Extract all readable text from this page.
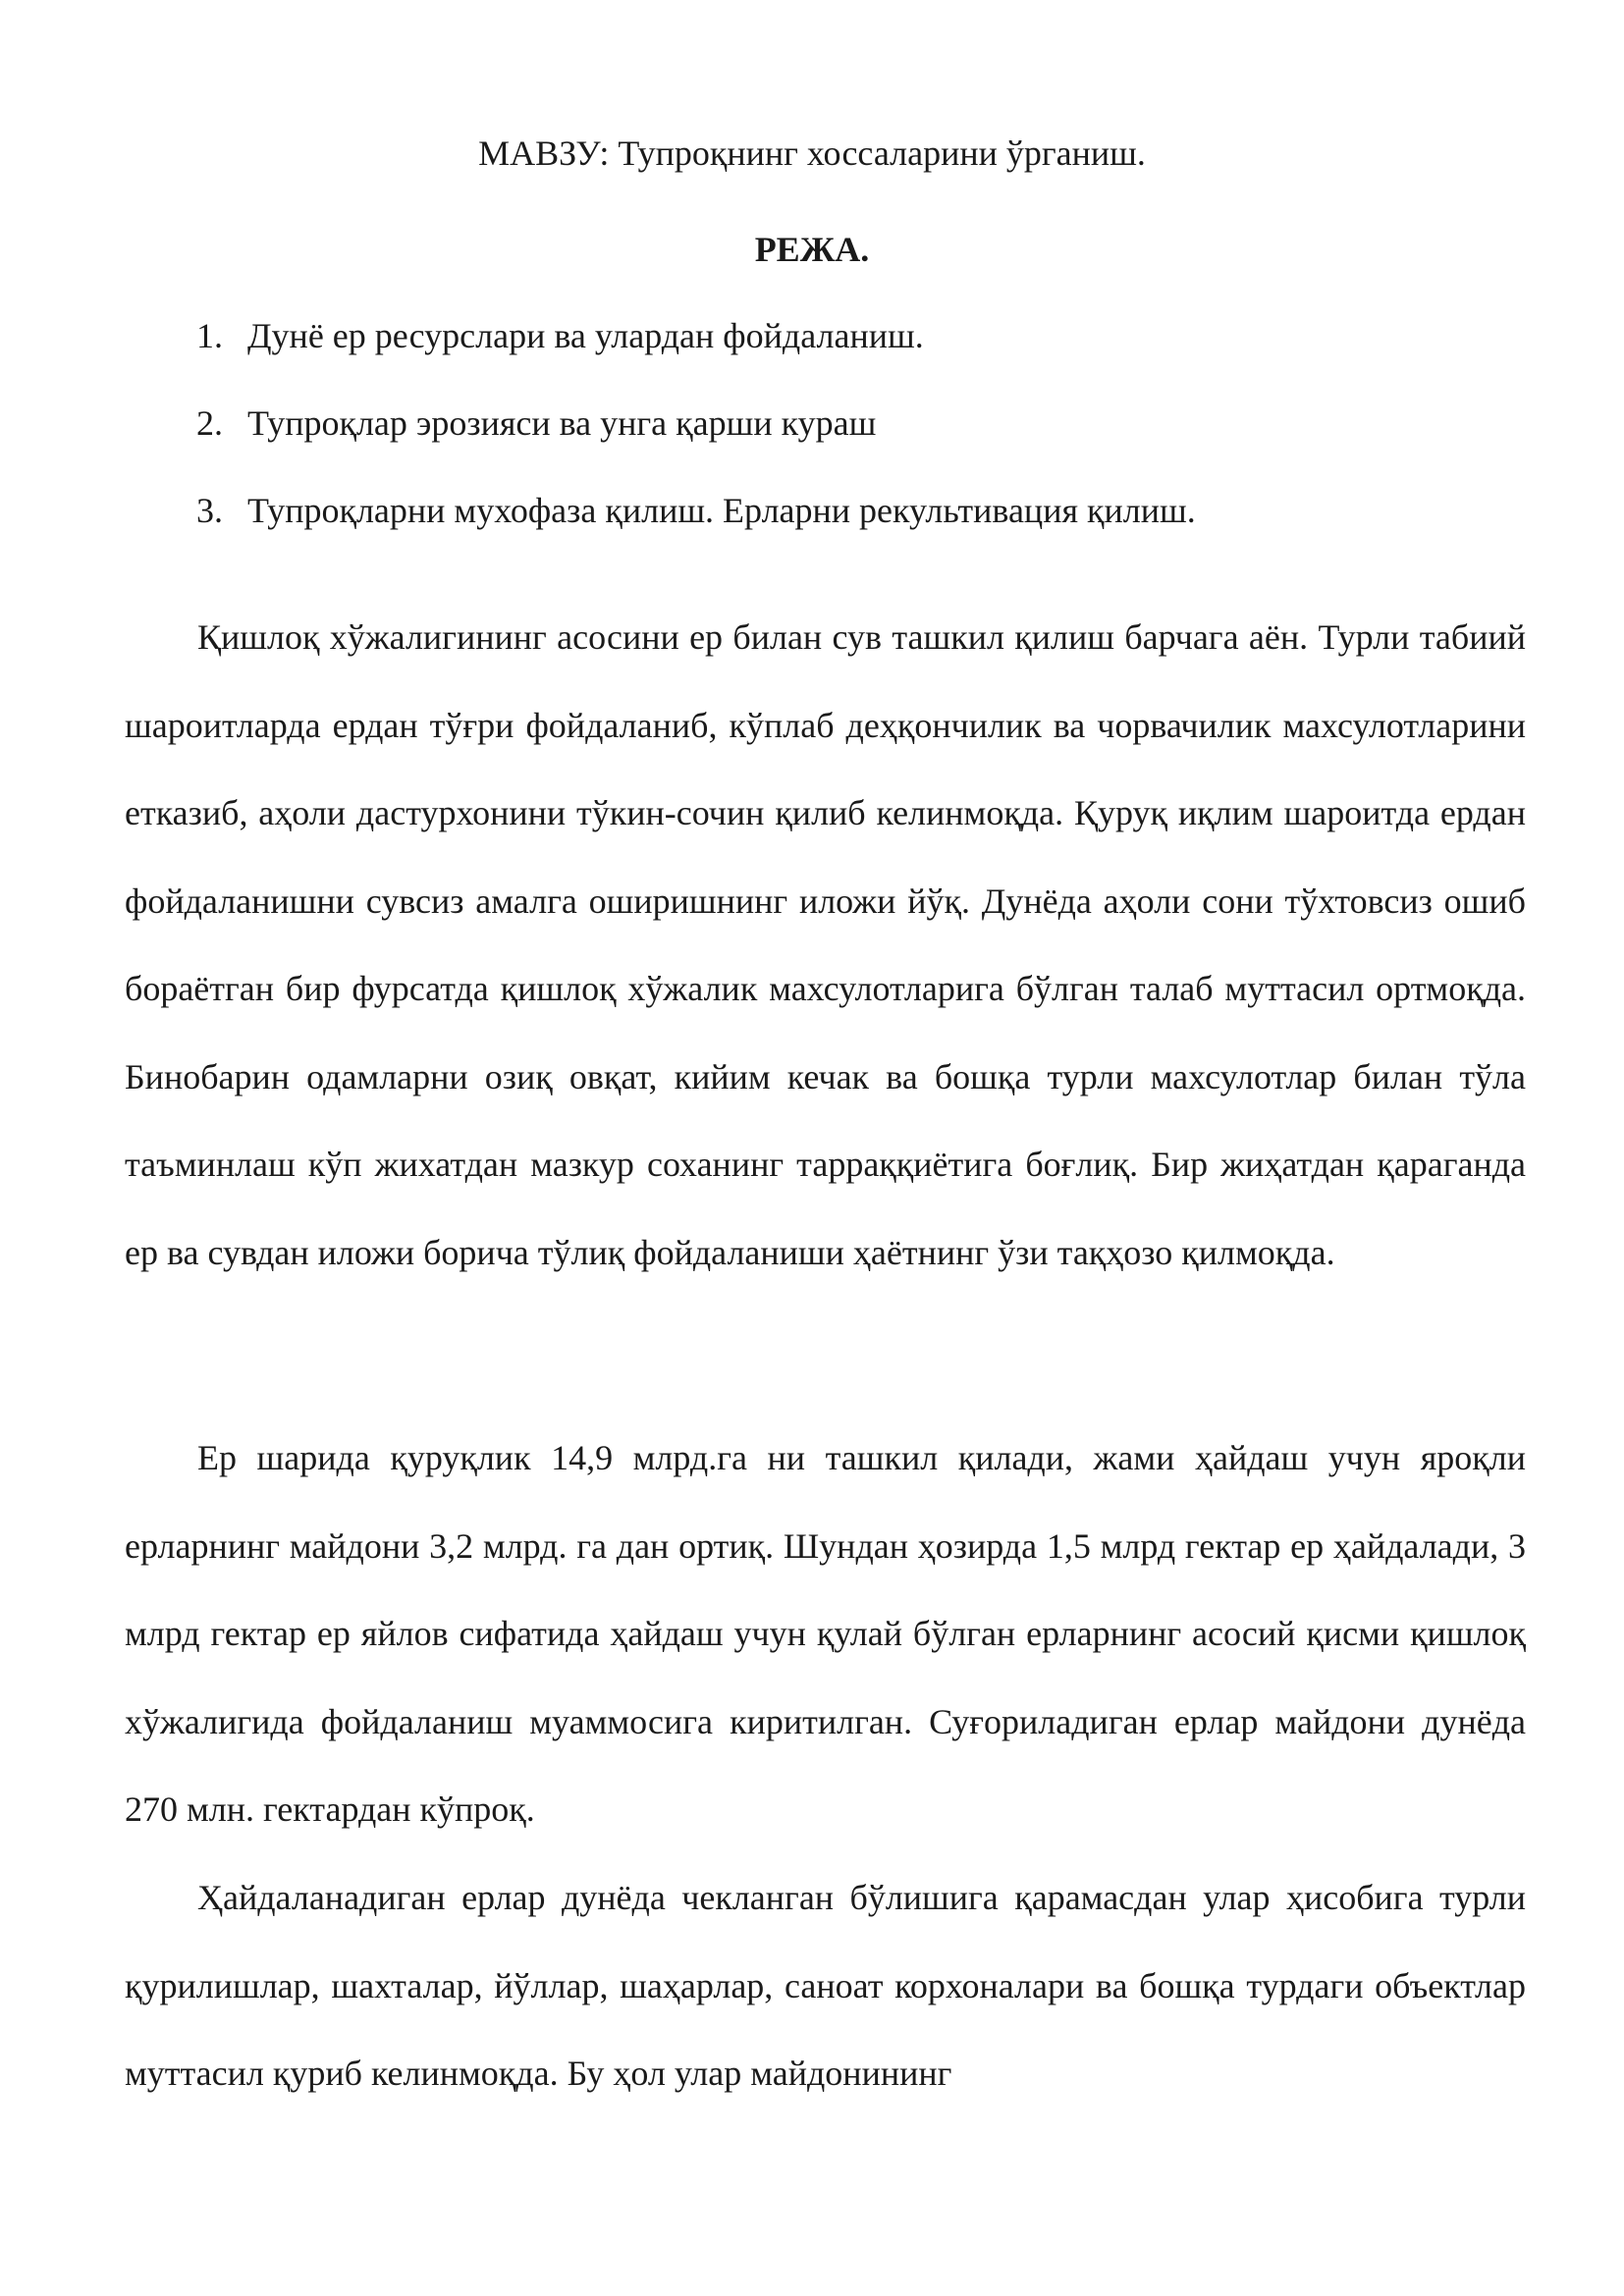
МАВЗУ: Тупроқнинг хоссаларини ўрганиш.
РЕЖА.
1. Дунё ер ресурслари ва улардан фойдаланиш.
2. Тупроқлар эрозияси ва унга қарши кураш
3. Тупроқларни мухофаза қилиш. Ерларни рекультивация қилиш.

Қишлоқ хўжалигининг асосини ер билан сув ташкил қилиш барчага аён. Турли табиий шароитларда ердан тўғри фойдаланиб, кўплаб деҳқончилик ва чорвачилик махсулотларини етказиб, аҳоли дастурхонини тўкин-сочин қилиб келинмоқда. Қуруқ иқлим шароитда ердан фойдаланишни сувсиз амалга оширишнинг иложи йўқ. Дунёда аҳоли сони тўхтовсиз ошиб бораётган бир фурсатда қишлоқ хўжалик махсулотларига бўлган талаб муттасил ортмоқда. Бинобарин одамларни озиқ овқат, кийим кечак ва бошқа турли махсулотлар билан тўла таъминлаш кўп жихатдан мазкур соханинг тарраққиётига боғлиқ. Бир жиҳатдан қараганда ер ва сувдан иложи борича тўлиқ фойдаланиши ҳаётнинг ўзи тақҳозо қилмоқда.

Ер шарида қуруқлик 14,9 млрд.га ни ташкил қилади, жами ҳайдаш учун яроқли ерларнинг майдони 3,2 млрд. га дан ортиқ. Шундан ҳозирда 1,5 млрд гектар ер ҳайдалади, 3 млрд гектар ер яйлов сифатида ҳайдаш учун қулай бўлган ерларнинг асосий қисми қишлоқ хўжалигида фойдаланиш муаммосига киритилган. Суғориладиган ерлар майдони дунёда 270 млн. гектардан кўпроқ.

Ҳайдаланадиган ерлар дунёда чекланган бўлишига қарамасдан улар ҳисобига турли қурилишлар, шахталар, йўллар, шаҳарлар, саноат корхоналари ва бошқа турдаги объектлар муттасил қуриб келинмоқда. Бу ҳол улар майдонининг
